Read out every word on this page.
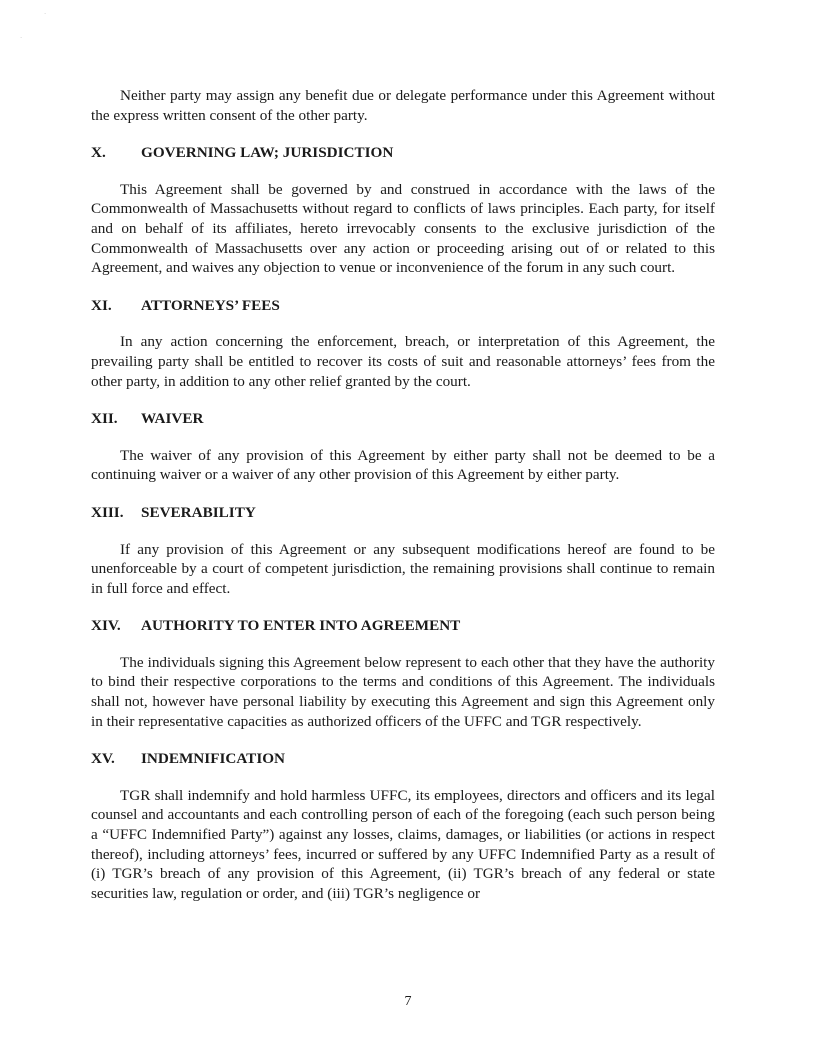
·
·

Neither party may assign any benefit due or delegate performance under this Agreement without the express written consent of the other party.

X.	GOVERNING LAW; JURISDICTION

This Agreement shall be governed by and construed in accordance with the laws of the Commonwealth of Massachusetts without regard to conflicts of laws principles. Each party, for itself and on behalf of its affiliates, hereto irrevocably consents to the exclusive jurisdiction of the Commonwealth of Massachusetts over any action or proceeding arising out of or related to this Agreement, and waives any objection to venue or inconvenience of the forum in any such court.

XI.	ATTORNEYS’ FEES

In any action concerning the enforcement, breach, or interpretation of this Agreement, the prevailing party shall be entitled to recover its costs of suit and reasonable attorneys’ fees from the other party, in addition to any other relief granted by the court.

XII.	WAIVER

The waiver of any provision of this Agreement by either party shall not be deemed to be a continuing waiver or a waiver of any other provision of this Agreement by either party.

XIII.	SEVERABILITY

If any provision of this Agreement or any subsequent modifications hereof are found to be unenforceable by a court of competent jurisdiction, the remaining provisions shall continue to remain in full force and effect.

XIV.	AUTHORITY TO ENTER INTO AGREEMENT

The individuals signing this Agreement below represent to each other that they have the authority to bind their respective corporations to the terms and conditions of this Agreement. The individuals shall not, however have personal liability by executing this Agreement and sign this Agreement only in their representative capacities as authorized officers of the UFFC and TGR respectively.

XV.	INDEMNIFICATION

TGR shall indemnify and hold harmless UFFC, its employees, directors and officers and its legal counsel and accountants and each controlling person of each of the foregoing (each such person being a “UFFC Indemnified Party”) against any losses, claims, damages, or liabilities (or actions in respect thereof), including attorneys’ fees, incurred or suffered by any UFFC Indemnified Party as a result of (i) TGR’s breach of any provision of this Agreement, (ii) TGR’s breach of any federal or state securities law, regulation or order, and (iii) TGR’s negligence or

7
